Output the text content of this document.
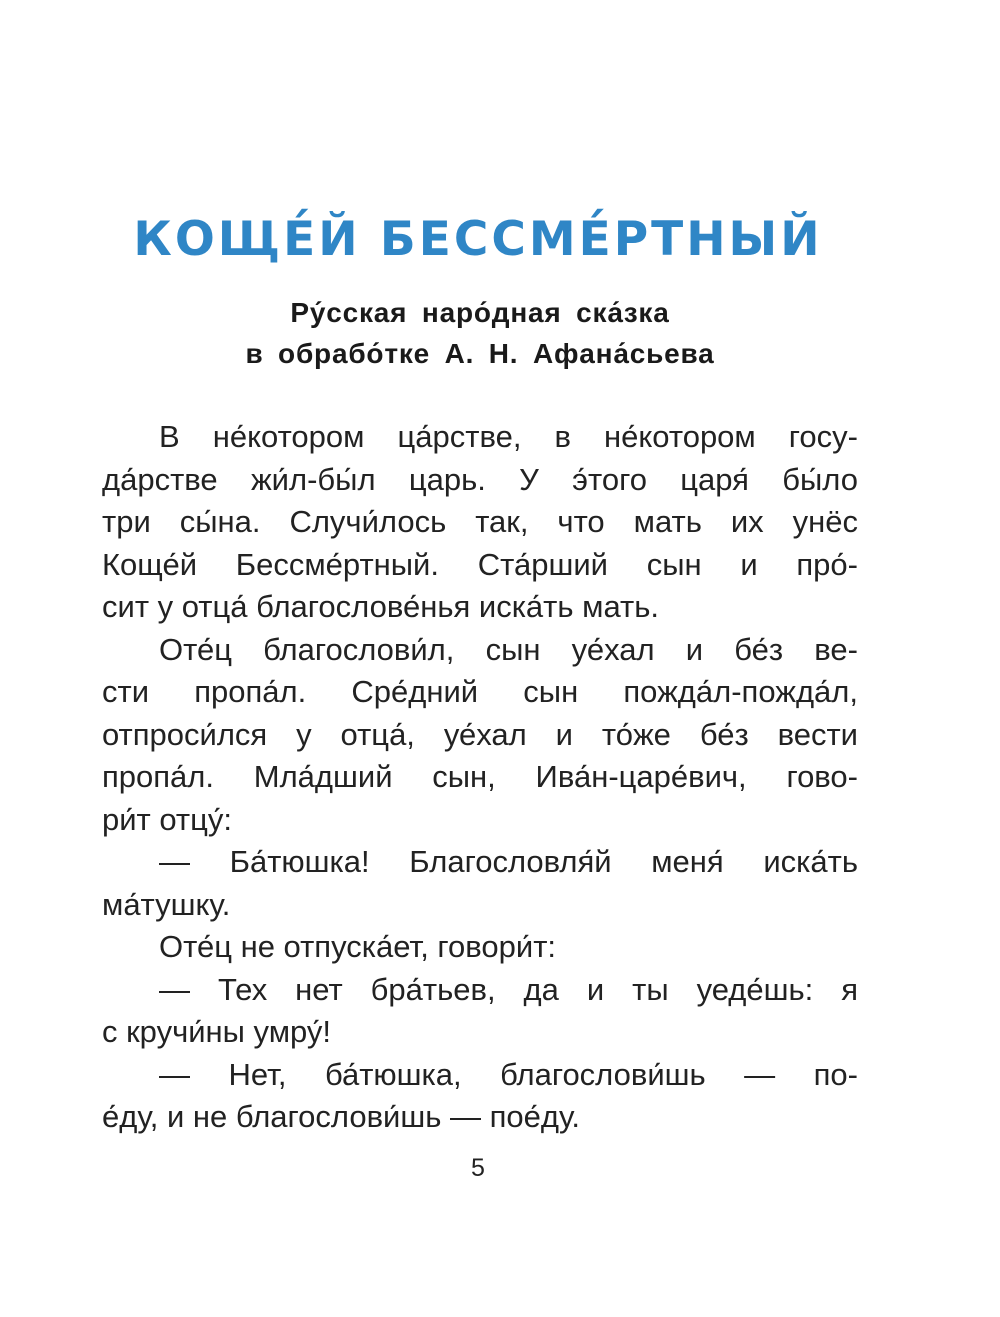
КОЩЕ́Й БЕССМЕ́РТНЫЙ
Ру́сская наро́дная ска́зка
в обрабо́тке А. Н. Афана́сьева
В не́котором ца́рстве, в не́котором госу-
да́рстве жи́л-бы́л царь. У э́того царя́ бы́ло
три сы́на. Случи́лось так, что мать их унёс
Коще́й Бессме́ртный. Ста́рший сын и про́-
сит у отца́ благослове́нья иска́ть мать.
Оте́ц благослови́л, сын уе́хал и бе́з ве-
сти пропа́л. Сре́дний сын пожда́л-пожда́л,
отпроси́лся у отца́, уе́хал и то́же бе́з вести
пропа́л. Мла́дший сын, Ива́н-царе́вич, гово-
ри́т отцу́:
— Ба́тюшка! Благословля́й меня́ иска́ть
ма́тушку.
Оте́ц не отпуска́ет, говори́т:
— Тех нет бра́тьев, да и ты уеде́шь: я
с кручи́ны умру́!
— Нет, ба́тюшка, благослови́шь — по-
е́ду, и не благослови́шь — пое́ду.
5
